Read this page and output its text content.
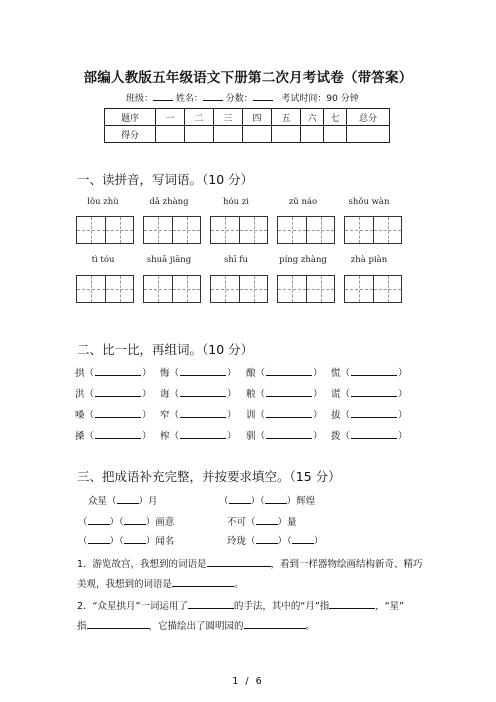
部编人教版五年级语文下册第二次月考试卷（带答案）
班级：	姓名：	分数：	考试时间：90 分钟
题序	一	二	三	四	五	六	七	总分
得分								
一、读拼音，写词语。（10 分）
lǒu zhù	dǎ zhàng	hóu zi	zǔ náo	shǒu wàn
tì tóu	shuā jiāng	shī fu	píng zhàng	zhà piàn
二、比一比，再组词。（10 分）
拱（	） 悔（	） 酿（	） 慌（	）
洪（	） 诲（	） 粮（	） 谎（	）
嗓（	） 窄（	） 训（	） 拔（	）
搡（	） 榨（	） 驯（	） 拨（	）
三、把成语补充完整，并按要求填空。（15 分）
众星（ ）月	（ ）（ ）辉煌
（ ）（ ）画意	不可（ ）量
（ ）（ ）闻名	玲珑（ ）（ ）
1．游览故宫，我想到的词语是	，看到一样器物绘画结构新奇、精巧
美观，我想到的词语是	。
2．“众星拱月”一词运用了	的手法，其中的“月”指	，“星”
指	，它描绘出了圆明园的	。
1 / 6
